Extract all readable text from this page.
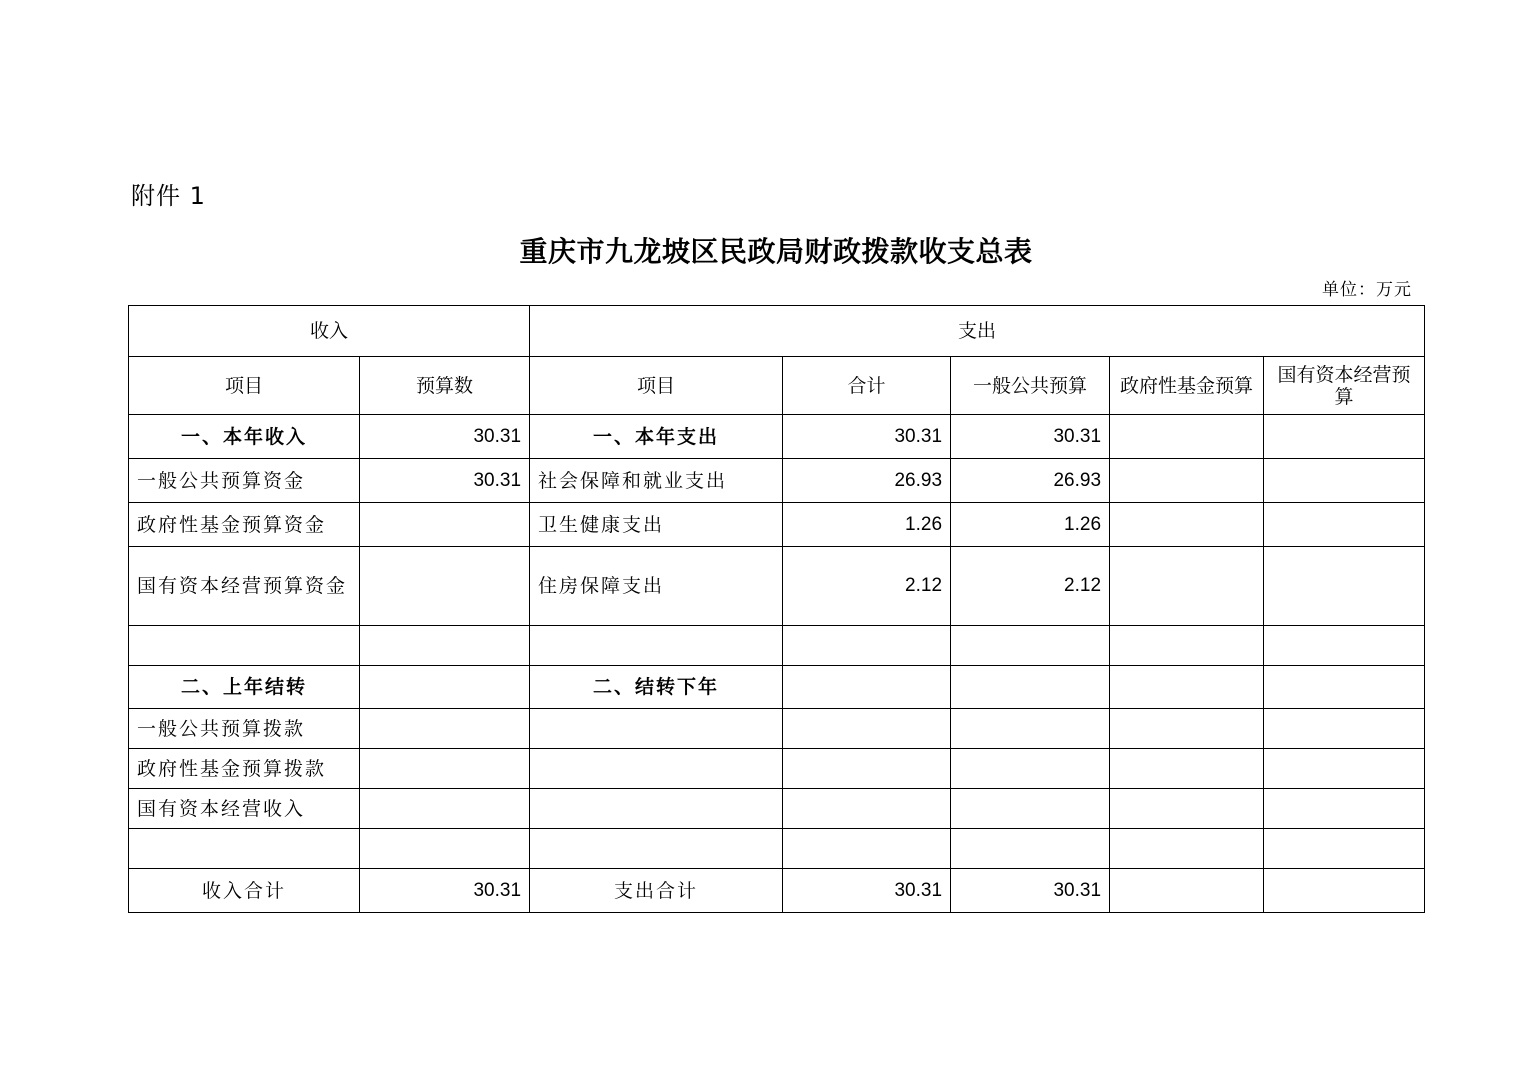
附件 1
重庆市九龙坡区民政局财政拨款收支总表
单位：万元
收入		支出				
项目	预算数	项目	合计	一般公共预算	政府性基金预算	国有资本经营预算
一、本年收入	30.31	一、本年支出	30.31	30.31		
一般公共预算资金	30.31	社会保障和就业支出	26.93	26.93		
政府性基金预算资金		卫生健康支出	1.26	1.26		
国有资本经营预算资金		住房保障支出	2.12	2.12		

二、上年结转		二、结转下年				
一般公共预算拨款						
政府性基金预算拨款						
国有资本经营收入						

收入合计	30.31	支出合计	30.31	30.31		
